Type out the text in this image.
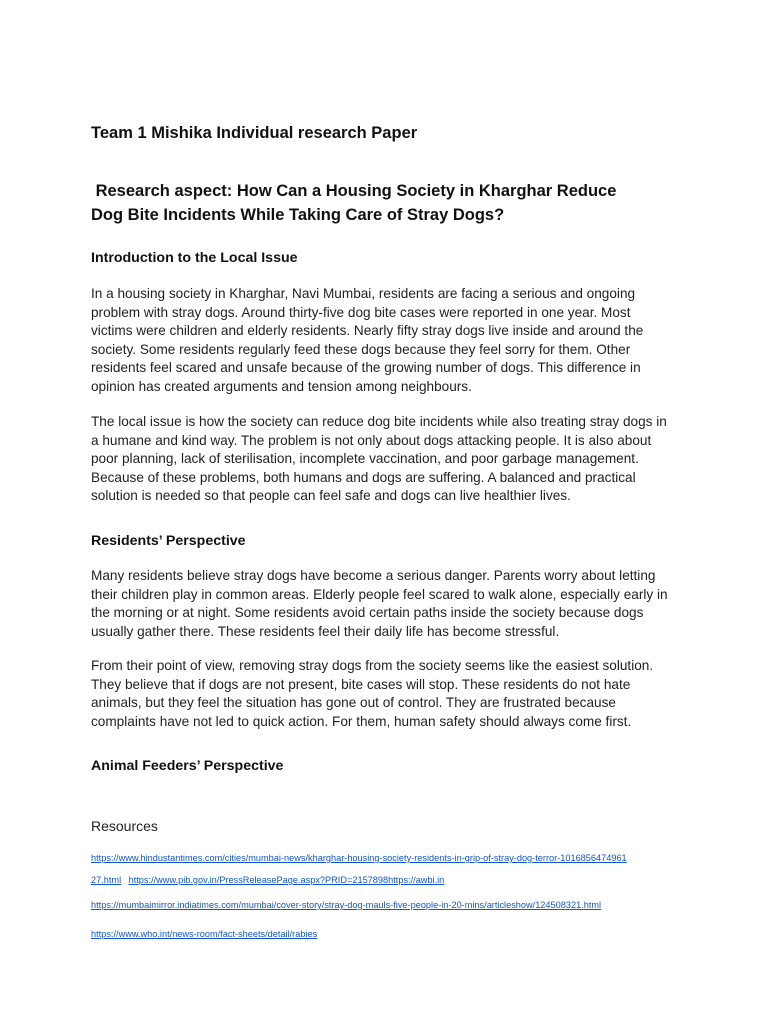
Team 1 Mishika Individual research Paper
Research aspect: How Can a Housing Society in Kharghar Reduce
Dog Bite Incidents While Taking Care of Stray Dogs?
Introduction to the Local Issue
In a housing society in Kharghar, Navi Mumbai, residents are facing a serious and ongoing
problem with stray dogs. Around thirty-five dog bite cases were reported in one year. Most
victims were children and elderly residents. Nearly fifty stray dogs live inside and around the
society. Some residents regularly feed these dogs because they feel sorry for them. Other
residents feel scared and unsafe because of the growing number of dogs. This difference in
opinion has created arguments and tension among neighbours.
The local issue is how the society can reduce dog bite incidents while also treating stray dogs in
a humane and kind way. The problem is not only about dogs attacking people. It is also about
poor planning, lack of sterilisation, incomplete vaccination, and poor garbage management.
Because of these problems, both humans and dogs are suffering. A balanced and practical
solution is needed so that people can feel safe and dogs can live healthier lives.
Residents’ Perspective
Many residents believe stray dogs have become a serious danger. Parents worry about letting
their children play in common areas. Elderly people feel scared to walk alone, especially early in
the morning or at night. Some residents avoid certain paths inside the society because dogs
usually gather there. These residents feel their daily life has become stressful.
From their point of view, removing stray dogs from the society seems like the easiest solution.
They believe that if dogs are not present, bite cases will stop. These residents do not hate
animals, but they feel the situation has gone out of control. They are frustrated because
complaints have not led to quick action. For them, human safety should always come first.
Animal Feeders’ Perspective
Resources
https://www.hindustantimes.com/cities/mumbai-news/kharghar-housing-society-residents-in-grip-of-stray-dog-terror-1016856474961
27.html https://www.pib.gov.in/PressReleasePage.aspx?PRID=2157898https://awbi.in
https://mumbaimirror.indiatimes.com/mumbai/cover-story/stray-dog-mauls-five-people-in-20-mins/articleshow/124508321.html
https://www.who.int/news-room/fact-sheets/detail/rabies
